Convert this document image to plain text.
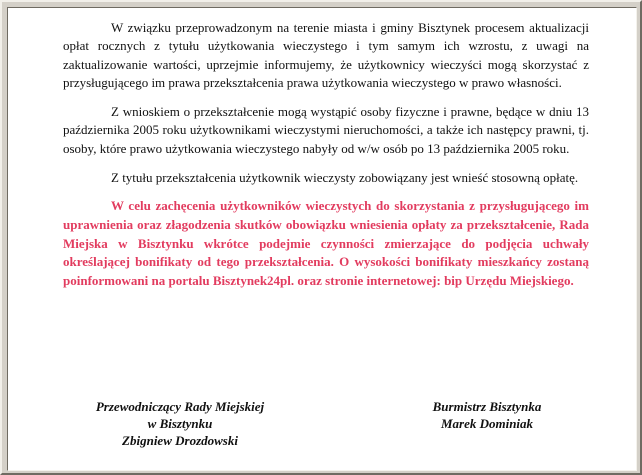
W związku przeprowadzonym na terenie miasta i gminy Bisztynek procesem aktualizacji opłat rocznych z tytułu użytkowania wieczystego i tym samym ich wzrostu, z uwagi na zaktualizowanie wartości, uprzejmie informujemy, że użytkownicy wieczyści mogą skorzystać z przysługującego im prawa przekształcenia prawa użytkowania wieczystego w prawo własności.

Z wnioskiem o przekształcenie mogą wystąpić osoby fizyczne i prawne, będące w dniu 13 października 2005 roku użytkownikami wieczystymi nieruchomości, a także ich następcy prawni, tj. osoby, które prawo użytkowania wieczystego nabyły od w/w osób po 13 października 2005 roku.

Z tytułu przekształcenia użytkownik wieczysty zobowiązany jest wnieść stosowną opłatę.

W celu zachęcenia użytkowników wieczystych do skorzystania z przysługującego im uprawnienia oraz złagodzenia skutków obowiązku wniesienia opłaty za przekształcenie, Rada Miejska w Bisztynku wkrótce podejmie czynności zmierzające do podjęcia uchwały określającej bonifikaty od tego przekształcenia. O wysokości bonifikaty mieszkańcy zostaną poinformowani na portalu Bisztynek24pl. oraz stronie internetowej: bip Urzędu Miejskiego.

Przewodniczący Rady Miejskiej
w Bisztynku
Zbigniew Drozdowski
Burmistrz Bisztynka
Marek Dominiak
